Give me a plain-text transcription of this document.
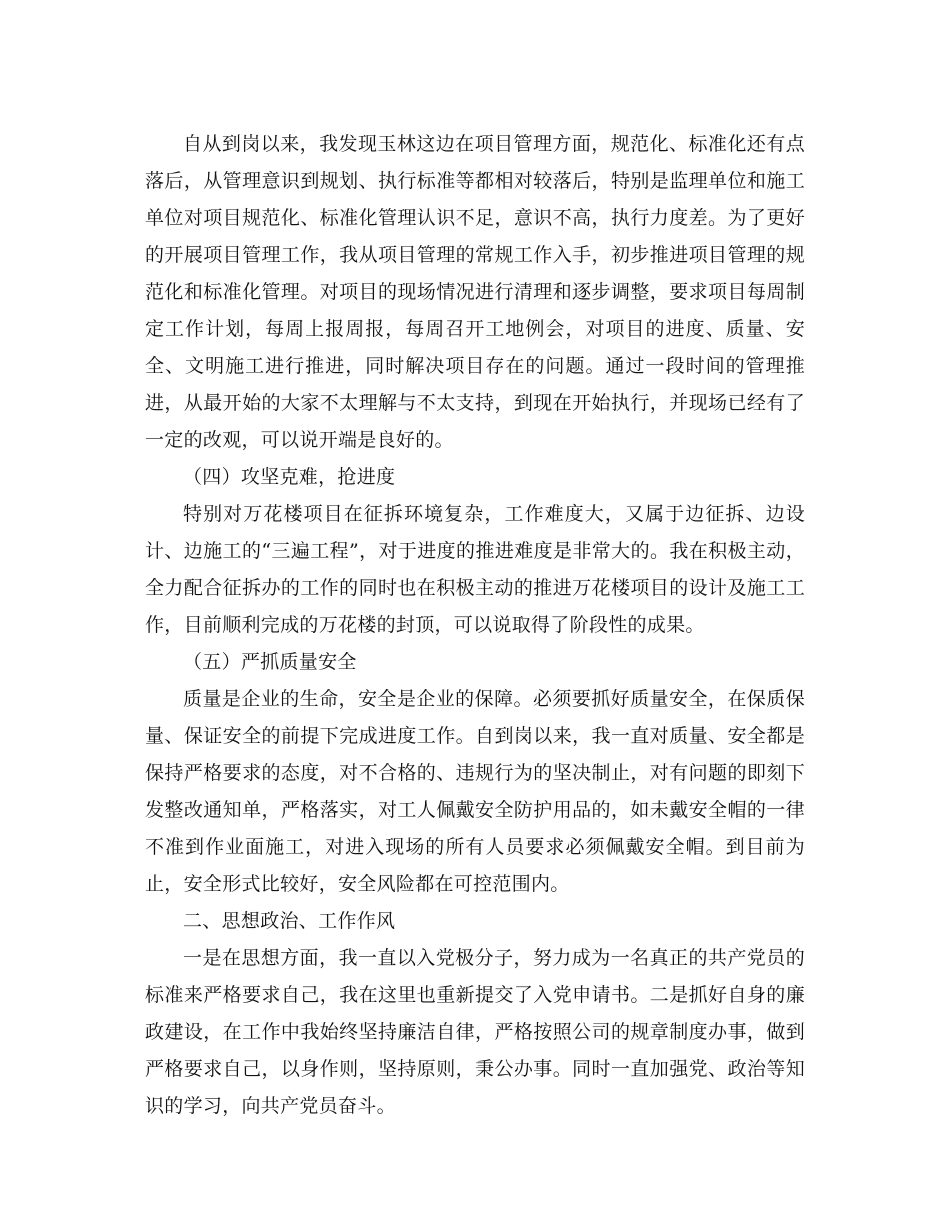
自从到岗以来，我发现玉林这边在项目管理方面，规范化、标准化还有点落后，从管理意识到规划、执行标准等都相对较落后，特别是监理单位和施工单位对项目规范化、标准化管理认识不足，意识不高，执行力度差。为了更好的开展项目管理工作，我从项目管理的常规工作入手，初步推进项目管理的规范化和标准化管理。对项目的现场情况进行清理和逐步调整，要求项目每周制定工作计划，每周上报周报，每周召开工地例会，对项目的进度、质量、安全、文明施工进行推进，同时解决项目存在的问题。通过一段时间的管理推进，从最开始的大家不太理解与不太支持，到现在开始执行，并现场已经有了一定的改观，可以说开端是良好的。

（四）攻坚克难，抢进度

特别对万花楼项目在征拆环境复杂，工作难度大，又属于边征拆、边设计、边施工的“三遍工程”，对于进度的推进难度是非常大的。我在积极主动，全力配合征拆办的工作的同时也在积极主动的推进万花楼项目的设计及施工工作，目前顺利完成的万花楼的封顶，可以说取得了阶段性的成果。

（五）严抓质量安全

质量是企业的生命，安全是企业的保障。必须要抓好质量安全，在保质保量、保证安全的前提下完成进度工作。自到岗以来，我一直对质量、安全都是保持严格要求的态度，对不合格的、违规行为的坚决制止，对有问题的即刻下发整改通知单，严格落实，对工人佩戴安全防护用品的，如未戴安全帽的一律不准到作业面施工，对进入现场的所有人员要求必须佩戴安全帽。到目前为止，安全形式比较好，安全风险都在可控范围内。

二、思想政治、工作作风

一是在思想方面，我一直以入党极分子，努力成为一名真正的共产党员的标准来严格要求自己，我在这里也重新提交了入党申请书。二是抓好自身的廉政建设，在工作中我始终坚持廉洁自律，严格按照公司的规章制度办事，做到严格要求自己，以身作则，坚持原则，秉公办事。同时一直加强党、政治等知识的学习，向共产党员奋斗。
